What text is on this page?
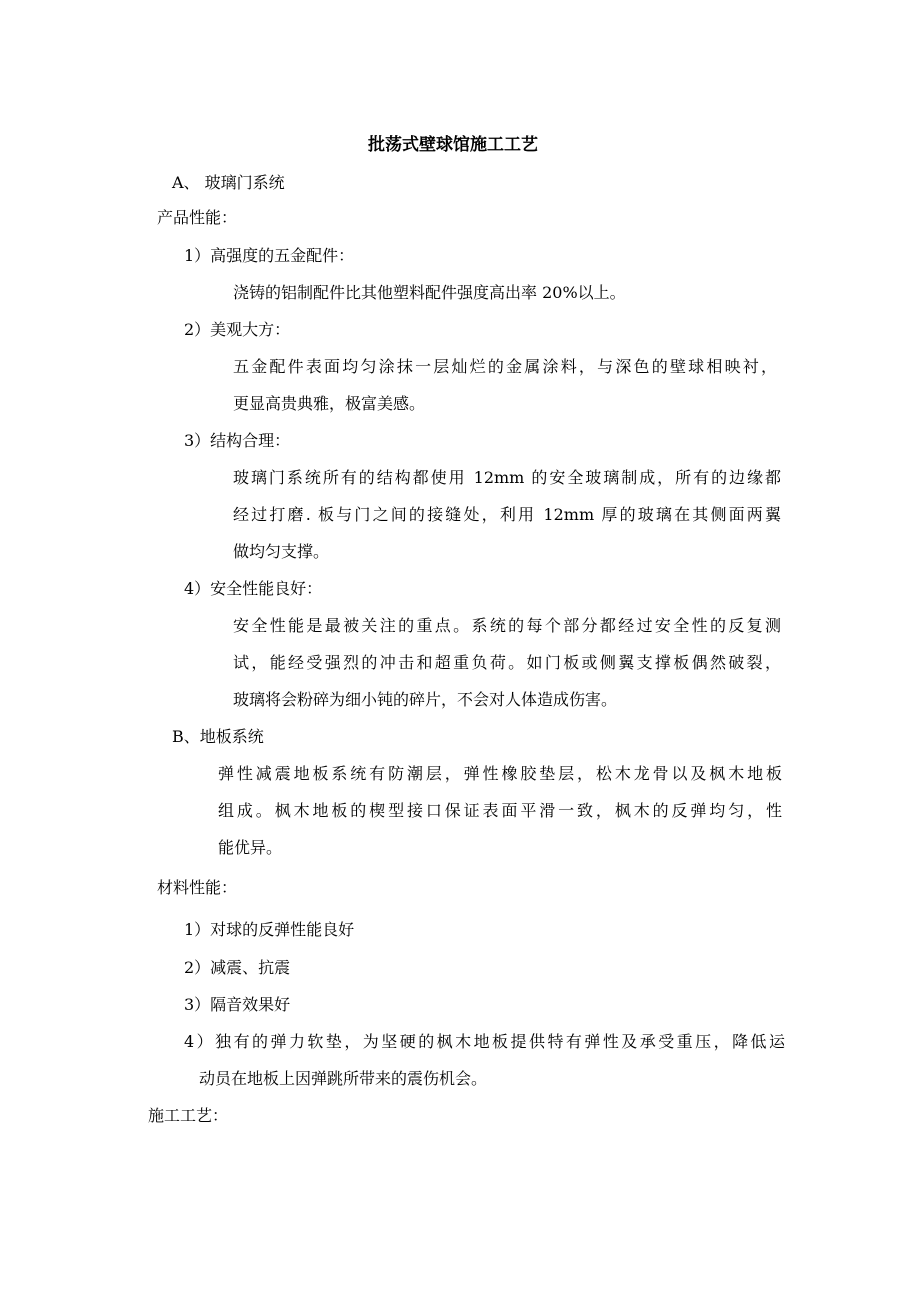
批荡式壁球馆施工工艺
A、 玻璃门系统
产品性能：
1）高强度的五金配件：
浇铸的铝制配件比其他塑料配件强度高出率 20%以上。
2）美观大方：
五金配件表面均匀涂抹一层灿烂的金属涂料，与深色的壁球相映衬，
更显高贵典雅，极富美感。
3）结构合理：
玻璃门系统所有的结构都使用 12mm 的安全玻璃制成，所有的边缘都
经过打磨. 板与门之间的接缝处，利用 12mm 厚的玻璃在其侧面两翼
做均匀支撑。
4）安全性能良好：
安全性能是最被关注的重点。系统的每个部分都经过安全性的反复测
试，能经受强烈的冲击和超重负荷。如门板或侧翼支撑板偶然破裂，
玻璃将会粉碎为细小钝的碎片，不会对人体造成伤害。
B、地板系统
弹性减震地板系统有防潮层，弹性橡胶垫层，松木龙骨以及枫木地板
组成。枫木地板的楔型接口保证表面平滑一致，枫木的反弹均匀，性
能优异。
材料性能：
1）对球的反弹性能良好
2）减震、抗震
3）隔音效果好
4）独有的弹力软垫，为坚硬的枫木地板提供特有弹性及承受重压，降低运
动员在地板上因弹跳所带来的震伤机会。
施工工艺：
